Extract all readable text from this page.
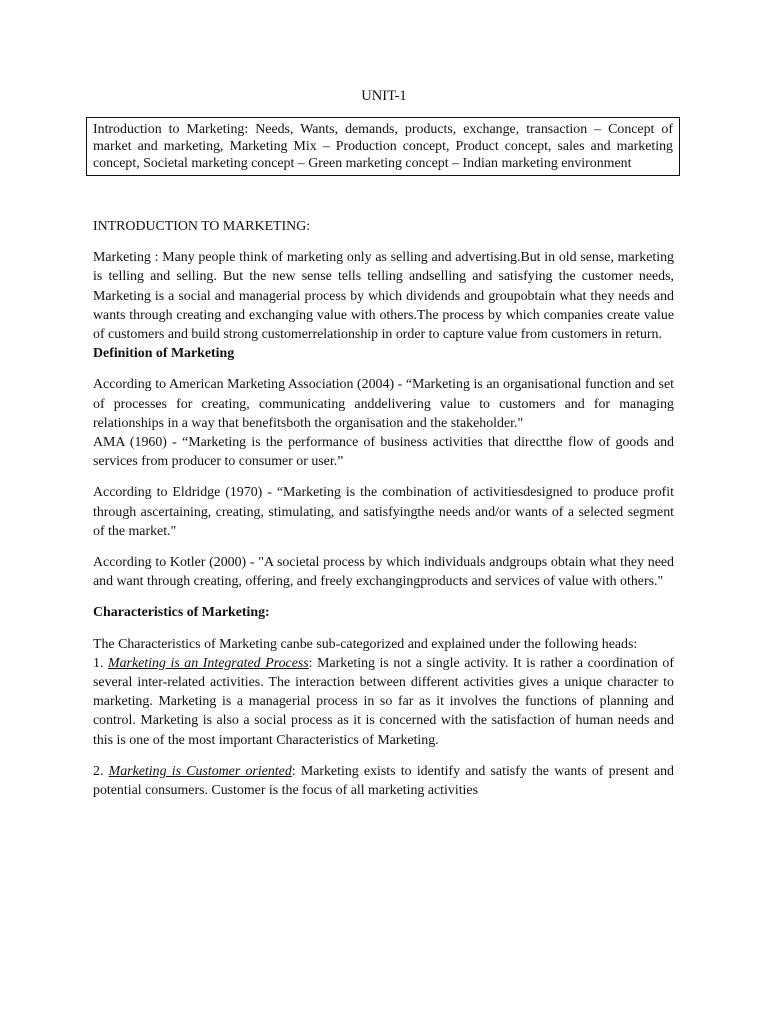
UNIT-1
Introduction to Marketing: Needs, Wants, demands, products, exchange, transaction – Concept of market and marketing, Marketing Mix – Production concept, Product concept, sales and marketing concept, Societal marketing concept – Green marketing concept – Indian marketing environment

INTRODUCTION TO MARKETING:

Marketing : Many people think of marketing only as selling and advertising.But in old sense, marketing is telling and selling. But the new sense tells telling andselling and satisfying the customer needs, Marketing is a social and managerial process by which dividends and groupobtain what they needs and wants through creating and exchanging value with others.The process by which companies create value of customers and build strong customerrelationship in order to capture value from customers in return.

Definition of Marketing

According to American Marketing Association (2004) - “Marketing is an organisational function and set of processes for creating, communicating anddelivering value to customers and for managing relationships in a way that benefitsboth the organisation and the stakeholder."

AMA (1960) - “Marketing is the performance of business activities that directthe flow of goods and services from producer to consumer or user.”

According to Eldridge (1970) - “Marketing is the combination of activitiesdesigned to produce profit through ascertaining, creating, stimulating, and satisfyingthe needs and/or wants of a selected segment of the market."

According to Kotler (2000) - "A societal process by which individuals andgroups obtain what they need and want through creating, offering, and freely exchangingproducts and services of value with others."

Characteristics of Marketing:

The Characteristics of Marketing canbe sub-categorized and explained under the following heads:

1. Marketing is an Integrated Process: Marketing is not a single activity. It is rather a coordination of several inter-related activities. The interaction between different activities gives a unique character to marketing. Marketing is a managerial process in so far as it involves the functions of planning and control. Marketing is also a social process as it is concerned with the satisfaction of human needs and this is one of the most important Characteristics of Marketing.

2. Marketing is Customer oriented: Marketing exists to identify and satisfy the wants of present and potential consumers. Customer is the focus of all marketing activities
